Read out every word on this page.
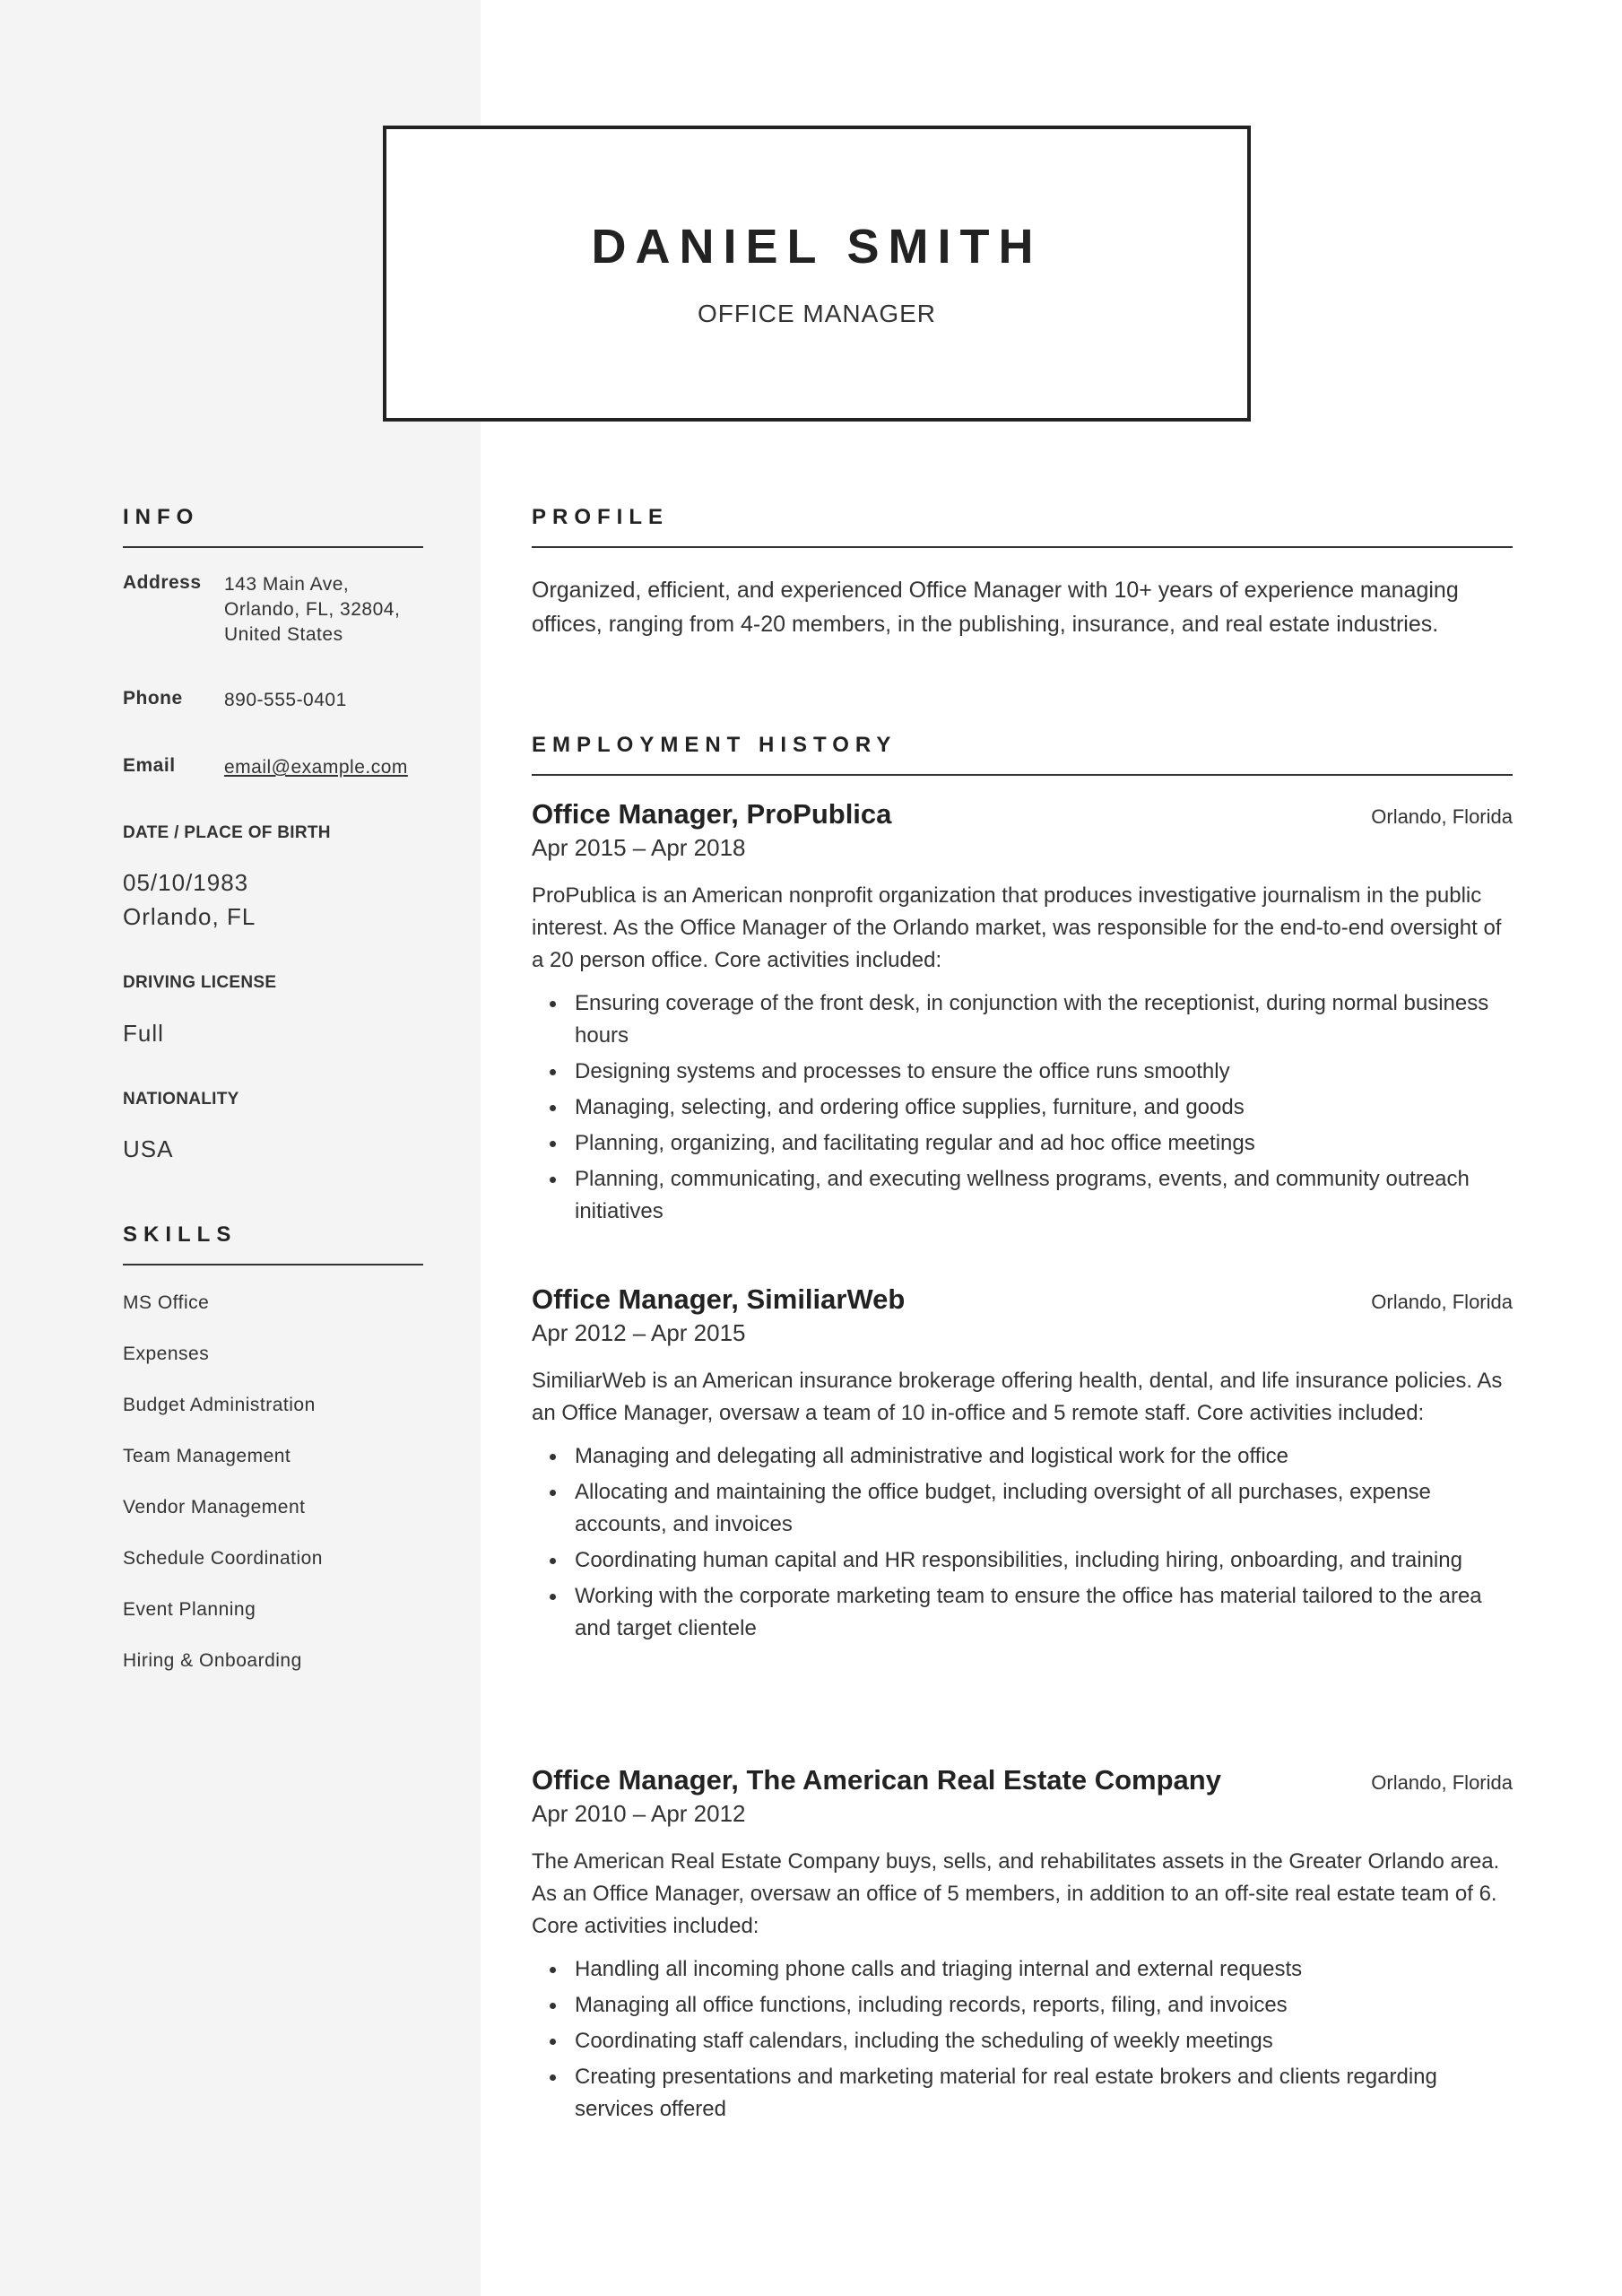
DANIEL SMITH
OFFICE MANAGER
INFO
Address	143 Main Ave,
Orlando, FL, 32804,
United States
Phone	890-555-0401
Email	email@example.com
DATE / PLACE OF BIRTH
05/10/1983
Orlando, FL
DRIVING LICENSE
Full
NATIONALITY
USA
SKILLS
MS Office
Expenses
Budget Administration
Team Management
Vendor Management
Schedule Coordination
Event Planning
Hiring & Onboarding
PROFILE
Organized, efficient, and experienced Office Manager with 10+ years of experience managing offices, ranging from 4-20 members, in the publishing, insurance, and real estate industries.
EMPLOYMENT HISTORY
Office Manager, ProPublica	Orlando, Florida
Apr 2015 – Apr 2018
ProPublica is an American nonprofit organization that produces investigative journalism in the public interest. As the Office Manager of the Orlando market, was responsible for the end-to-end oversight of a 20 person office. Core activities included:
Ensuring coverage of the front desk, in conjunction with the receptionist, during normal business hours
Designing systems and processes to ensure the office runs smoothly
Managing, selecting, and ordering office supplies, furniture, and goods
Planning, organizing, and facilitating regular and ad hoc office meetings
Planning, communicating, and executing wellness programs, events, and community outreach initiatives
Office Manager, SimiliarWeb	Orlando, Florida
Apr 2012 – Apr 2015
SimiliarWeb is an American insurance brokerage offering health, dental, and life insurance policies. As an Office Manager, oversaw a team of 10 in-office and 5 remote staff. Core activities included:
Managing and delegating all administrative and logistical work for the office
Allocating and maintaining the office budget, including oversight of all purchases, expense accounts, and invoices
Coordinating human capital and HR responsibilities, including hiring, onboarding, and training
Working with the corporate marketing team to ensure the office has material tailored to the area and target clientele
Office Manager, The American Real Estate Company	Orlando, Florida
Apr 2010 – Apr 2012
The American Real Estate Company buys, sells, and rehabilitates assets in the Greater Orlando area. As an Office Manager, oversaw an office of 5 members, in addition to an off-site real estate team of 6. Core activities included:
Handling all incoming phone calls and triaging internal and external requests
Managing all office functions, including records, reports, filing, and invoices
Coordinating staff calendars, including the scheduling of weekly meetings
Creating presentations and marketing material for real estate brokers and clients regarding services offered
